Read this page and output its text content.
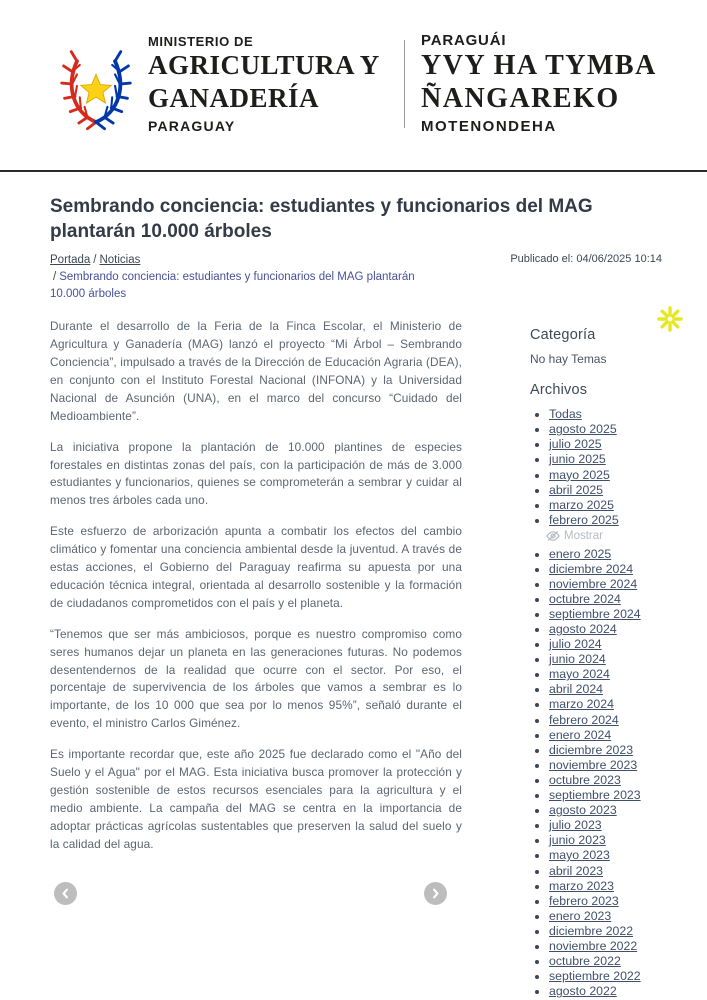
MINISTERIO DE
AGRICULTURA Y
GANADERÍA
PARAGUAY
PARAGUÁI
YVY HA TYMBA
ÑANGAREKO
MOTENONDEHA
Sembrando conciencia: estudiantes y funcionarios del MAG plantarán 10.000 árboles
Portada / Noticias
/ Sembrando conciencia: estudiantes y funcionarios del MAG plantarán 10.000 árboles
Publicado el: 04/06/2025 10:14

Durante el desarrollo de la Feria de la Finca Escolar, el Ministerio de Agricultura y Ganadería (MAG) lanzó el proyecto “Mi Árbol – Sembrando Conciencia”, impulsado a través de la Dirección de Educación Agraria (DEA), en conjunto con el Instituto Forestal Nacional (INFONA) y la Universidad Nacional de Asunción (UNA), en el marco del concurso “Cuidado del Medioambiente”.

La iniciativa propone la plantación de 10.000 plantines de especies forestales en distintas zonas del país, con la participación de más de 3.000 estudiantes y funcionarios, quienes se comprometerán a sembrar y cuidar al menos tres árboles cada uno.

Este esfuerzo de arborización apunta a combatir los efectos del cambio climático y fomentar una conciencia ambiental desde la juventud. A través de estas acciones, el Gobierno del Paraguay reafirma su apuesta por una educación técnica integral, orientada al desarrollo sostenible y la formación de ciudadanos comprometidos con el país y el planeta.

“Tenemos que ser más ambiciosos, porque es nuestro compromiso como seres humanos dejar un planeta en las generaciones futuras. No podemos desentendernos de la realidad que ocurre con el sector. Por eso, el porcentaje de supervivencia de los árboles que vamos a sembrar es lo importante, de los 10 000 que sea por lo menos 95%”, señaló durante el evento, el ministro Carlos Giménez.

Es importante recordar que, este año 2025 fue declarado como el "Año del Suelo y el Agua" por el MAG. Esta iniciativa busca promover la protección y gestión sostenible de estos recursos esenciales para la agricultura y el medio ambiente. La campaña del MAG se centra en la importancia de adoptar prácticas agrícolas sustentables que preserven la salud del suelo y la calidad del agua.

Categoría

No hay Temas

Archivos
• Todas
• agosto 2025
• julio 2025
• junio 2025
• mayo 2025
• abril 2025
• marzo 2025
• febrero 2025
Mostrar
• enero 2025
• diciembre 2024
• noviembre 2024
• octubre 2024
• septiembre 2024
• agosto 2024
• julio 2024
• junio 2024
• mayo 2024
• abril 2024
• marzo 2024
• febrero 2024
• enero 2024
• diciembre 2023
• noviembre 2023
• octubre 2023
• septiembre 2023
• agosto 2023
• julio 2023
• junio 2023
• mayo 2023
• abril 2023
• marzo 2023
• febrero 2023
• enero 2023
• diciembre 2022
• noviembre 2022
• octubre 2022
• septiembre 2022
• agosto 2022
